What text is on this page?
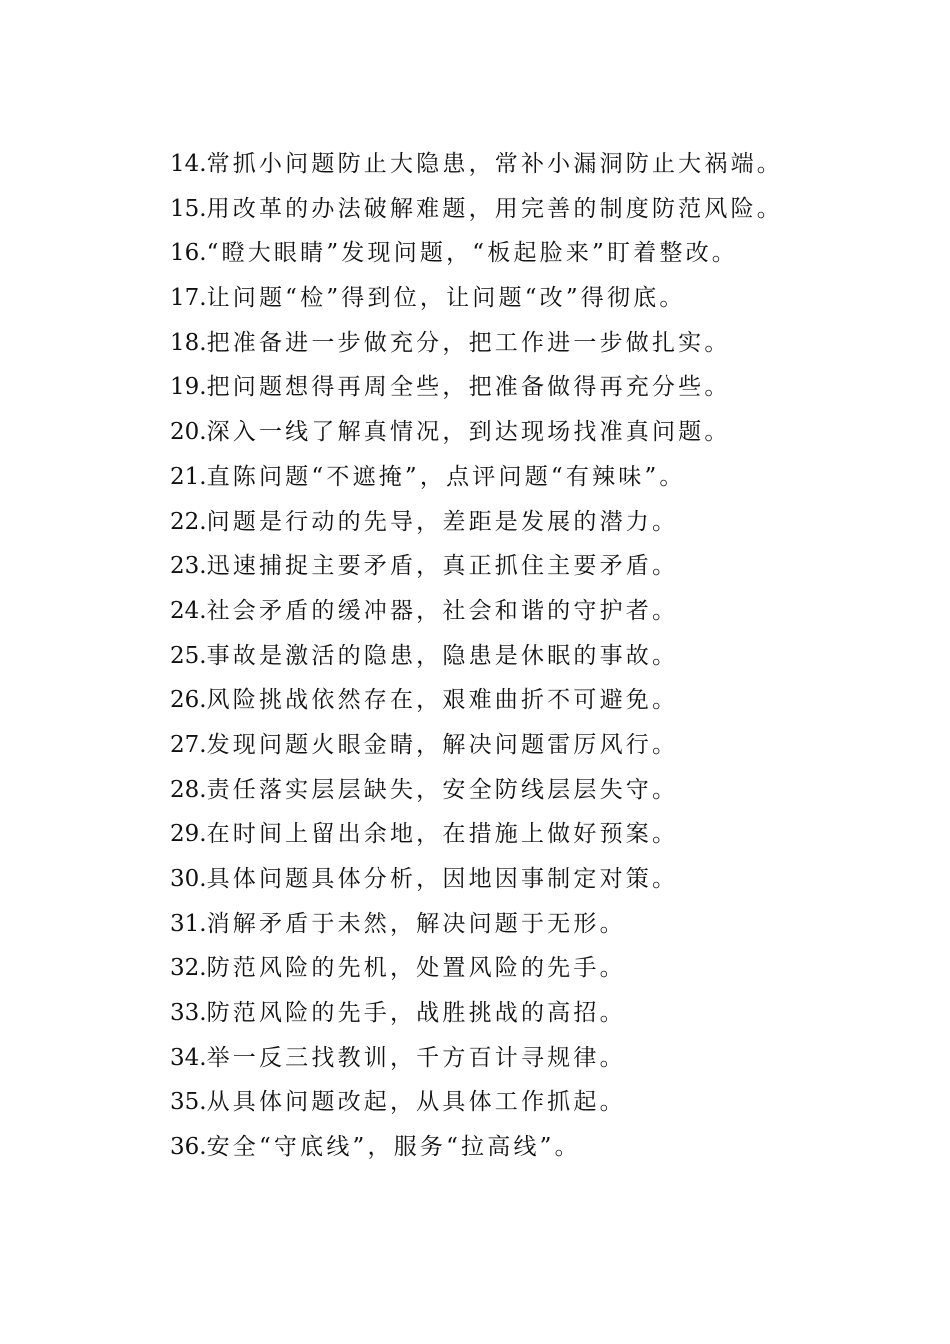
14.常抓小问题防止大隐患，常补小漏洞防止大祸端。
15.用改革的办法破解难题，用完善的制度防范风险。
16.“瞪大眼睛”发现问题，“板起脸来”盯着整改。
17.让问题“检”得到位，让问题“改”得彻底。
18.把准备进一步做充分，把工作进一步做扎实。
19.把问题想得再周全些，把准备做得再充分些。
20.深入一线了解真情况，到达现场找准真问题。
21.直陈问题“不遮掩”，点评问题“有辣味”。
22.问题是行动的先导，差距是发展的潜力。
23.迅速捕捉主要矛盾，真正抓住主要矛盾。
24.社会矛盾的缓冲器，社会和谐的守护者。
25.事故是激活的隐患，隐患是休眠的事故。
26.风险挑战依然存在，艰难曲折不可避免。
27.发现问题火眼金睛，解决问题雷厉风行。
28.责任落实层层缺失，安全防线层层失守。
29.在时间上留出余地，在措施上做好预案。
30.具体问题具体分析，因地因事制定对策。
31.消解矛盾于未然，解决问题于无形。
32.防范风险的先机，处置风险的先手。
33.防范风险的先手，战胜挑战的高招。
34.举一反三找教训，千方百计寻规律。
35.从具体问题改起，从具体工作抓起。
36.安全“守底线”，服务“拉高线”。
